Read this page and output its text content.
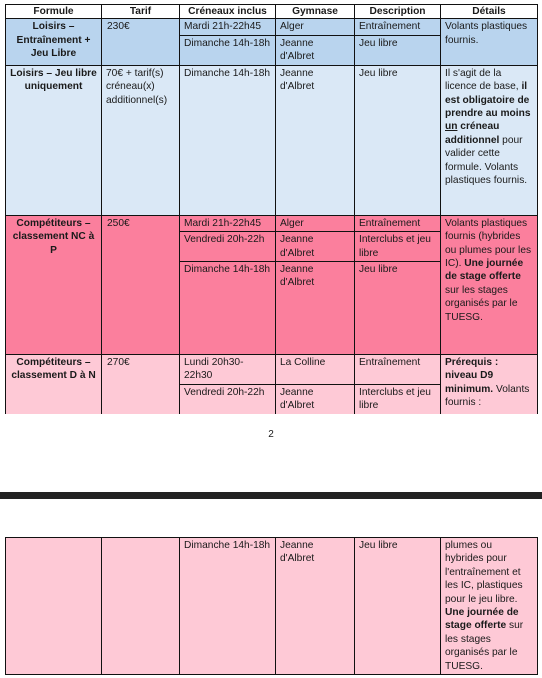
Formule	Tarif	Créneaux inclus	Gymnase	Description	Détails
Loisirs – Entraînement + Jeu Libre	230€	Mardi 21h-22h45	Alger	Entraînement	Volants plastiques fournis.
		Dimanche 14h-18h	Jeanne d'Albret	Jeu libre	
Loisirs – Jeu libre uniquement	70€ + tarif(s) créneau(x) additionnel(s)	Dimanche 14h-18h	Jeanne d'Albret	Jeu libre	Il s'agit de la licence de base, il est obligatoire de prendre au moins un créneau additionnel pour valider cette formule. Volants plastiques fournis.
Compétiteurs – classement NC à P	250€	Mardi 21h-22h45	Alger	Entraînement	Volants plastiques fournis (hybrides ou plumes pour les IC). Une journée de stage offerte sur les stages organisés par le TUESG.
		Vendredi 20h-22h	Jeanne d'Albret	Interclubs et jeu libre	
		Dimanche 14h-18h	Jeanne d'Albret	Jeu libre	
Compétiteurs – classement D à N	270€	Lundi 20h30-22h30	La Colline	Entraînement	Prérequis : niveau D9 minimum. Volants fournis :
		Vendredi 20h-22h	Jeanne d'Albret	Interclubs et jeu libre	
2
		Dimanche 14h-18h	Jeanne d'Albret	Jeu libre	plumes ou hybrides pour l'entraînement et les IC, plastiques pour le jeu libre. Une journée de stage offerte sur les stages organisés par le TUESG.
